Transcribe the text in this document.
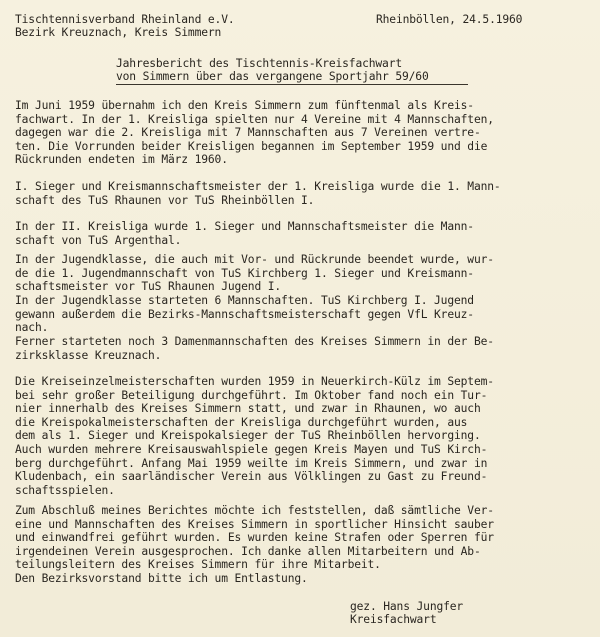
Tischtennisverband Rheinland e.V.
Bezirk Kreuznach, Kreis Simmern
Rheinböllen, 24.5.1960
Jahresbericht des Tischtennis-Kreisfachwart
von Simmern über das vergangene Sportjahr 59/60
Im Juni 1959 übernahm ich den Kreis Simmern zum fünftenmal als Kreis-
fachwart. In der 1. Kreisliga spielten nur 4 Vereine mit 4 Mannschaften,
dagegen war die 2. Kreisliga mit 7 Mannschaften aus 7 Vereinen vertre-
ten. Die Vorrunden beider Kreisligen begannen im September 1959 und die
Rückrunden endeten im März 1960.
I. Sieger und Kreismannschaftsmeister der 1. Kreisliga wurde die 1. Mann-
schaft des TuS Rhaunen vor TuS Rheinböllen I.
In der II. Kreisliga wurde 1. Sieger und Mannschaftsmeister die Mann-
schaft von TuS Argenthal.
In der Jugendklasse, die auch mit Vor- und Rückrunde beendet wurde, wur-
de die 1. Jugendmannschaft von TuS Kirchberg 1. Sieger und Kreismann-
schaftsmeister vor TuS Rhaunen Jugend I.
In der Jugendklasse starteten 6 Mannschaften. TuS Kirchberg I. Jugend
gewann außerdem die Bezirks-Mannschaftsmeisterschaft gegen VfL Kreuz-
nach.
Ferner starteten noch 3 Damenmannschaften des Kreises Simmern in der Be-
zirksklasse Kreuznach.
Die Kreiseinzelmeisterschaften wurden 1959 in Neuerkirch-Külz im Septem-
bei sehr großer Beteiligung durchgeführt. Im Oktober fand noch ein Tur-
nier innerhalb des Kreises Simmern statt, und zwar in Rhaunen, wo auch
die Kreispokalmeisterschaften der Kreisliga durchgeführt wurden, aus
dem als 1. Sieger und Kreispokalsieger der TuS Rheinböllen hervorging.
Auch wurden mehrere Kreisauswahlspiele gegen Kreis Mayen und TuS Kirch-
berg durchgeführt. Anfang Mai 1959 weilte im Kreis Simmern, und zwar in
Kludenbach, ein saarländischer Verein aus Völklingen zu Gast zu Freund-
schaftsspielen.
Zum Abschluß meines Berichtes möchte ich feststellen, daß sämtliche Ver-
eine und Mannschaften des Kreises Simmern in sportlicher Hinsicht sauber
und einwandfrei geführt wurden. Es wurden keine Strafen oder Sperren für
irgendeinen Verein ausgesprochen. Ich danke allen Mitarbeitern und Ab-
teilungsleitern des Kreises Simmern für ihre Mitarbeit.
Den Bezirksvorstand bitte ich um Entlastung.
gez. Hans Jungfer
Kreisfachwart
